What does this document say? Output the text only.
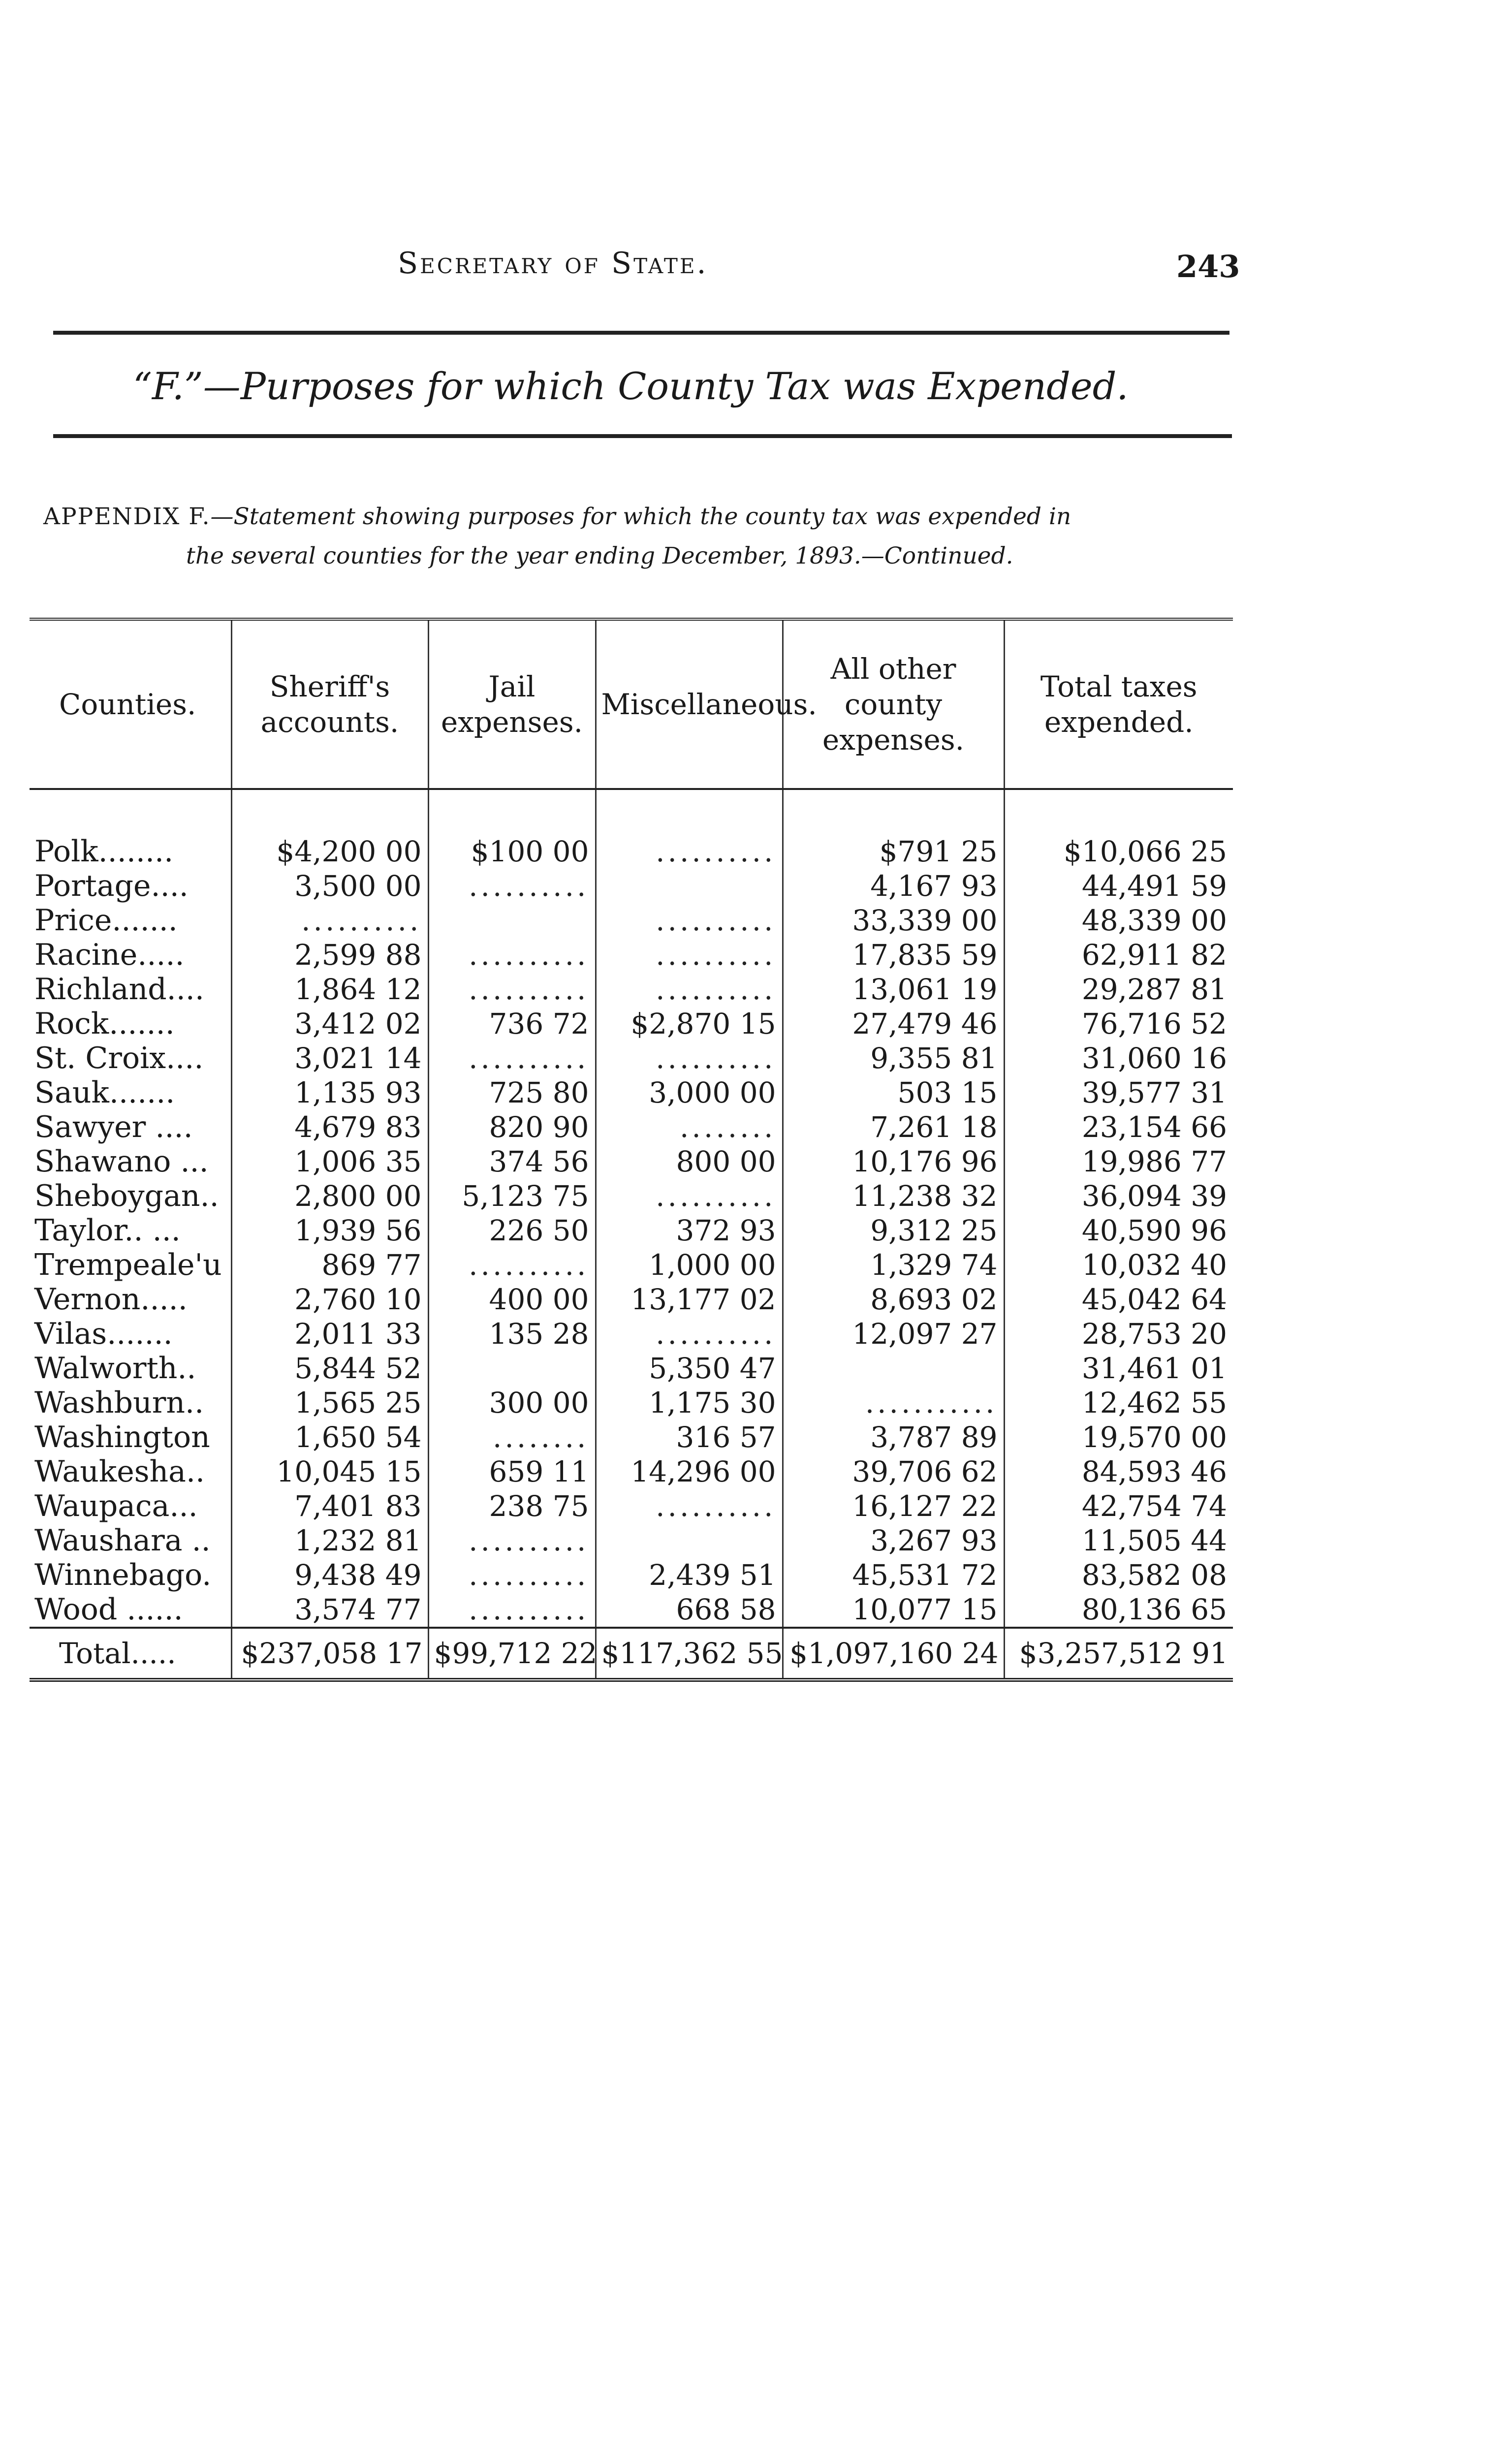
Secretary of State.	243
“F.”—Purposes for which County Tax was Expended.
APPENDIX F.—Statement showing purposes for which the county tax was expended in
the several counties for the year ending December, 1893.—Continued.
Counties.	Sheriff's accounts.	Jail expenses.	Miscellaneous.	All other county expenses.	Total taxes expended.

Polk........	$4,200 00	$100 00	..........	$791 25	$10,066 25
Portage....	3,500 00	..........		4,167 93	44,491 59
Price.......	..........		..........	33,339 00	48,339 00
Racine.....	2,599 88	..........	..........	17,835 59	62,911 82
Richland....	1,864 12	..........	..........	13,061 19	29,287 81
Rock.......	3,412 02	736 72	$2,870 15	27,479 46	76,716 52
St. Croix....	3,021 14	..........	..........	9,355 81	31,060 16
Sauk.......	1,135 93	725 80	3,000 00	503 15	39,577 31
Sawyer ....	4,679 83	820 90	........	7,261 18	23,154 66
Shawano ...	1,006 35	374 56	800 00	10,176 96	19,986 77
Sheboygan..	2,800 00	5,123 75	..........	11,238 32	36,094 39
Taylor.. ...	1,939 56	226 50	372 93	9,312 25	40,590 96
Trempeale'u	869 77	..........	1,000 00	1,329 74	10,032 40
Vernon.....	2,760 10	400 00	13,177 02	8,693 02	45,042 64
Vilas.......	2,011 33	135 28	..........	12,097 27	28,753 20
Walworth..	5,844 52		5,350 47		31,461 01
Washburn..	1,565 25	300 00	1,175 30	...........	12,462 55
Washington	1,650 54	........	316 57	3,787 89	19,570 00
Waukesha..	10,045 15	659 11	14,296 00	39,706 62	84,593 46
Waupaca...	7,401 83	238 75	..........	16,127 22	42,754 74
Waushara ..	1,232 81	..........		3,267 93	11,505 44
Winnebago.	9,438 49	..........	2,439 51	45,531 72	83,582 08
Wood ......	3,574 77	..........	668 58	10,077 15	80,136 65
Total.....	$237,058 17	$99,712 22	$117,362 55	$1,097,160 24	$3,257,512 91
